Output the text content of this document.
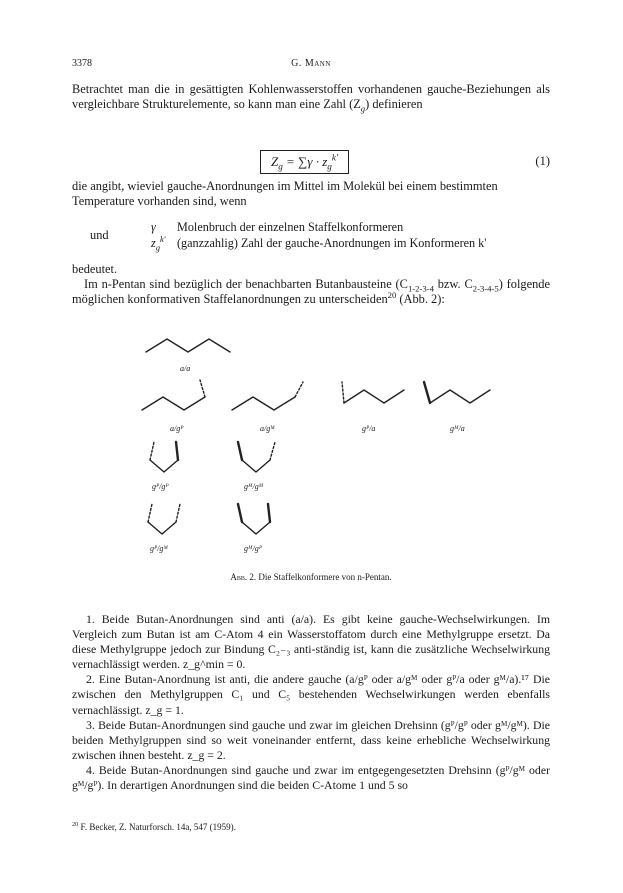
3378	G. Mann
Betrachtet man die in gesättigten Kohlenwasserstoffen vorhandenen gauche-Beziehungen als vergleichbare Strukturelemente, so kann man eine Zahl $(Z_g)$ definieren
$Z_g = \sum\gamma \cdot z_g^{k'}$	(1)
die angibt, wieviel gauche-Anordnungen im Mittel im Molekül bei einem bestimmten Temperature vorhanden sind, wenn
und
γ Molenbruch der einzelnen Staffelkonformeren
$z_g^{k'}$ (ganzzahlig) Zahl der gauche-Anordnungen im Konformeren k'
bedeutet.
Im n-Pentan sind bezüglich der benachbarten Butanbausteine ($C_{1-2-3-4}$ bzw. $C_{2-3-4-5}$) folgende möglichen konformativen Staffelanordnungen zu unterscheiden$^{20}$ (Abb. 2):
a/a
a/gᴾ	a/gᴹ	gᴾ/a	gᴹ/a
gᴾ/gᴾ	gᴹ/gᴹ
gᴾ/gᴹ	gᴹ/gᴾ
Abb. 2. Die Staffelkonformere von n-Pentan.

1. Beide Butan-Anordnungen sind anti (a/a). Es gibt keine gauche-Wechselwirkungen. Im Vergleich zum Butan ist am C-Atom 4 ein Wasserstoffatom durch eine Methylgruppe ersetzt. Da diese Methylgruppe jedoch zur Bindung C₂₋₃ anti-ständig ist, kann die zusätzliche Wechselwirkung vernachlässigt werden. z_g^min = 0.

2. Eine Butan-Anordnung ist anti, die andere gauche (a/gᴾ oder a/gᴹ oder gᴾ/a oder gᴹ/a).¹⁷ Die zwischen den Methylgruppen C₁ und C₅ bestehenden Wechselwirkungen werden ebenfalls vernachlässigt. z_g = 1.

3. Beide Butan-Anordnungen sind gauche und zwar im gleichen Drehsinn (gᴾ/gᴾ oder gᴹ/gᴹ). Die beiden Methylgruppen sind so weit voneinander entfernt, dass keine erhebliche Wechselwirkung zwischen ihnen besteht. z_g = 2.

4. Beide Butan-Anordnungen sind gauche und zwar im entgegengesetzten Drehsinn (gᴾ/gᴹ oder gᴹ/gᴾ). In derartigen Anordnungen sind die beiden C-Atome 1 und 5 so

$^{20}$ F. Becker, Z. Naturforsch. 14a, 547 (1959).
